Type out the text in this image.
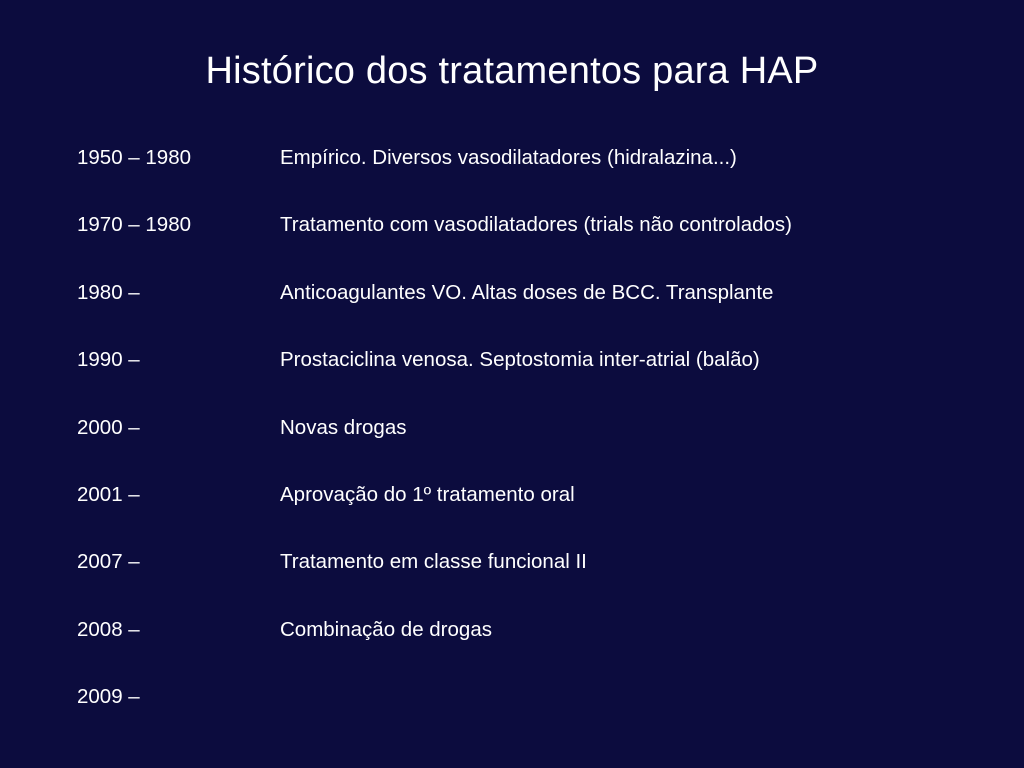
Histórico dos tratamentos para HAP
1950 – 1980	Empírico. Diversos vasodilatadores (hidralazina...)
1970 – 1980	Tratamento com vasodilatadores (trials não controlados)
1980 –	Anticoagulantes VO. Altas doses de BCC. Transplante
1990 –	Prostaciclina venosa. Septostomia inter-atrial (balão)
2000 –	Novas drogas
2001 –	Aprovação do 1º tratamento oral
2007 –	Tratamento em classe funcional II
2008 –	Combinação de drogas
2009 –
